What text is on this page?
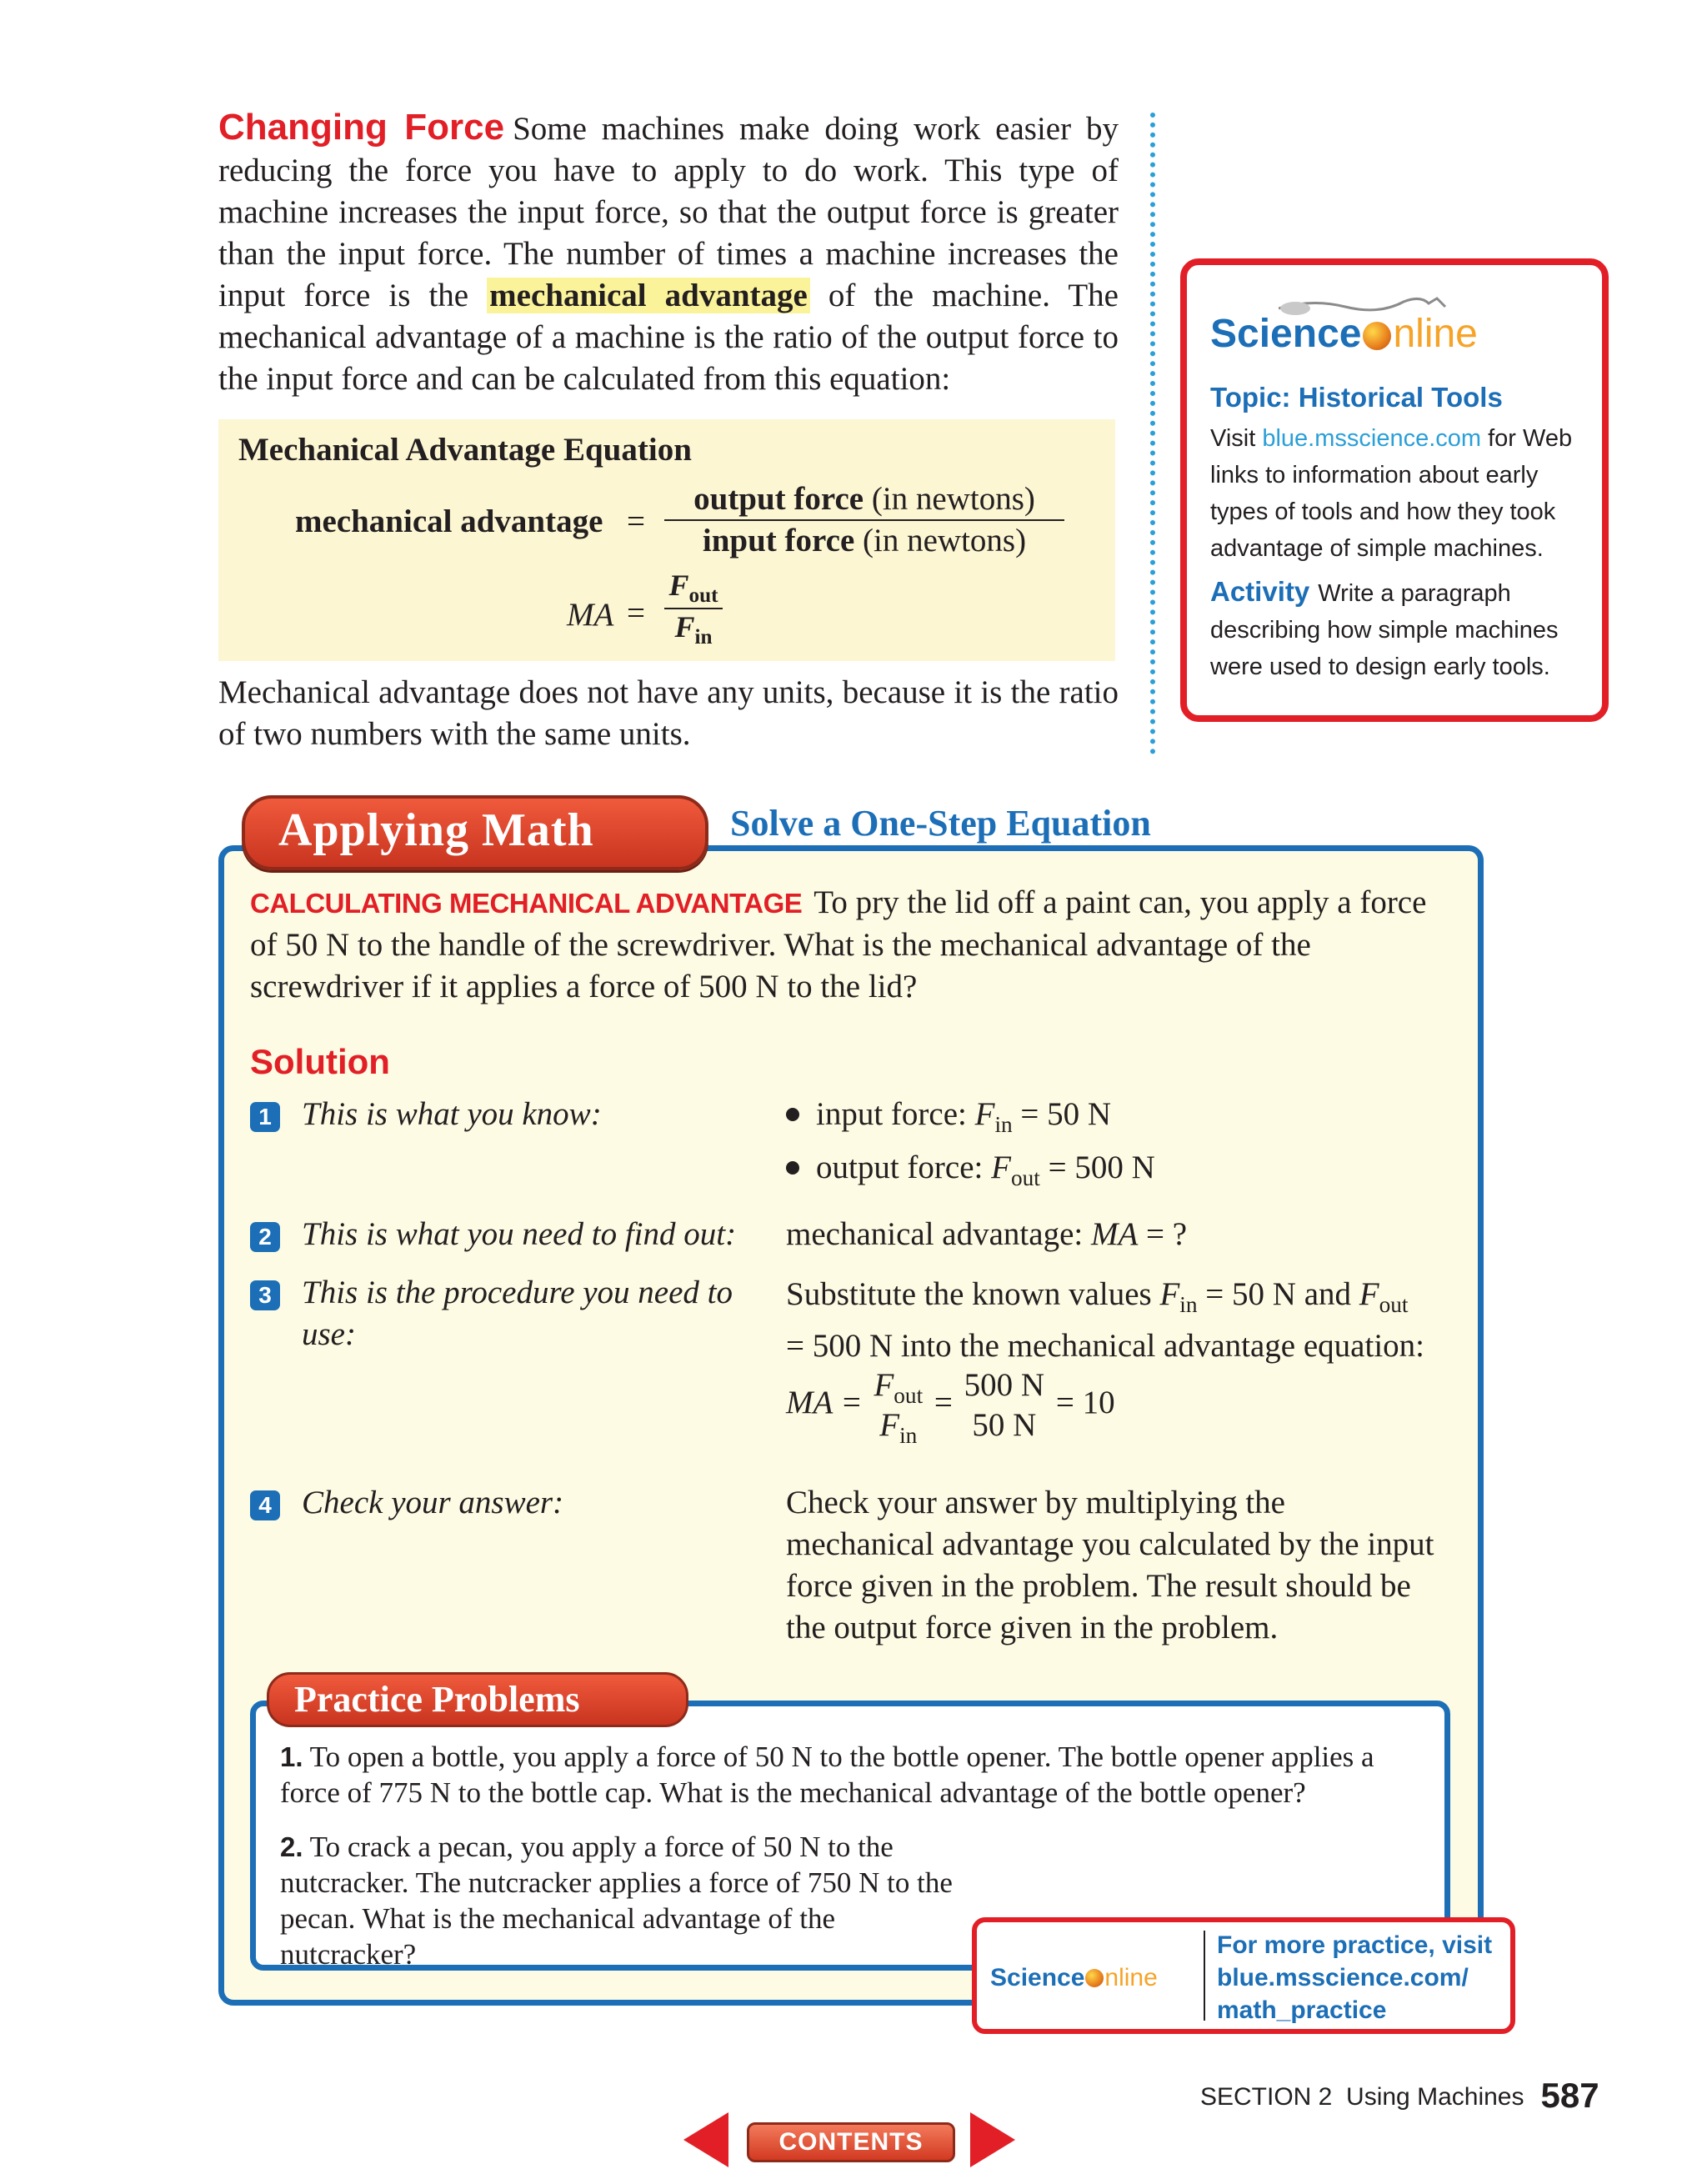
Changing Force Some machines make doing work easier by reducing the force you have to apply to do work. This type of machine increases the input force, so that the output force is greater than the input force. The number of times a machine increases the input force is the mechanical advantage of the machine. The mechanical advantage of a machine is the ratio of the output force to the input force and can be calculated from this equation:
Mechanical Advantage Equation
mechanical advantage =
output force (in newtons)
input force (in newtons)
MA =
$F_{out}$
$F_{in}$
Mechanical advantage does not have any units, because it is the ratio of two numbers with the same units.
Science nline
Topic: Historical Tools
Visit blue.msscience.com for Web links to information about early types of tools and how they took advantage of simple machines.
Activity Write a paragraph describing how simple machines were used to design early tools.
Applying Math	Solve a One-Step Equation
CALCULATING MECHANICAL ADVANTAGE To pry the lid off a paint can, you apply a force of 50 N to the handle of the screwdriver. What is the mechanical advantage of the screwdriver if it applies a force of 500 N to the lid?
Solution
1 This is what you know:	input force: $F_{in} = 50$ N
output force: $F_{out} = 500$ N
2 This is what you need to find out: mechanical advantage: MA = ?
3 This is the procedure you need to use:
Substitute the known values $F_{in} = 50$ N and $F_{out}$
= 500 N into the mechanical advantage equation:
MA = $F_{out}$
$F_{in}$
= 500 N
50 N
= 10
4 Check your answer:	Check your answer by multiplying the mechanical advantage you calculated by the input force given in the problem. The result should be the output force given in the problem.
Practice Problems
1. To open a bottle, you apply a force of 50 N to the bottle opener. The bottle opener applies a force of 775 N to the bottle cap. What is the mechanical advantage of the bottle opener?
2. To crack a pecan, you apply a force of 50 N to the nutcracker. The nutcracker applies a force of 750 N to the pecan. What is the mechanical advantage of the nutcracker?
Science nline
For more practice, visit
blue.msscience.com/
math_practice
SECTION 2 Using Machines 587
CONTENTS
